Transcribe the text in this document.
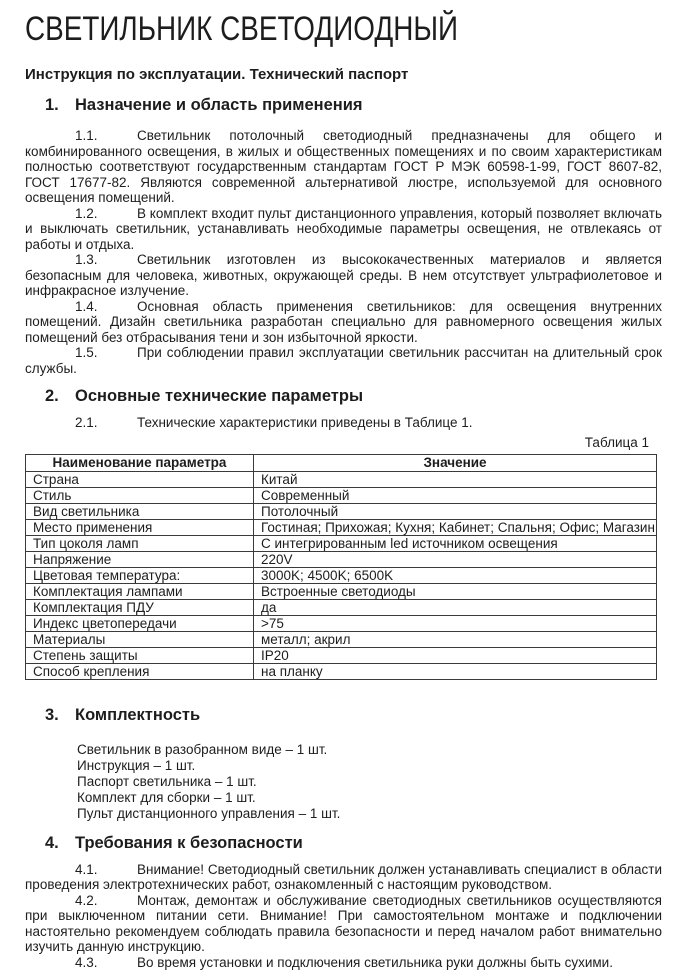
СВЕТИЛЬНИК СВЕТОДИОДНЫЙ
Инструкция по эксплуатации. Технический паспорт
1. Назначение и область применения

1.1.	Светильник потолочный светодиодный предназначены для общего и комбинированного освещения, в жилых и общественных помещениях и по своим характеристикам полностью соответствуют государственным стандартам ГОСТ Р МЭК 60598-1-99, ГОСТ 8607-82, ГОСТ 17677-82. Являются современной альтернативой люстре, используемой для основного освещения помещений.

1.2.	В комплект входит пульт дистанционного управления, который позволяет включать и выключать светильник, устанавливать необходимые параметры освещения, не отвлекаясь от работы и отдыха.

1.3.	Светильник изготовлен из высококачественных материалов и является безопасным для человека, животных, окружающей среды. В нем отсутствует ультрафиолетовое и инфракрасное излучение.

1.4.	Основная область применения светильников: для освещения внутренних помещений. Дизайн светильника разработан специально для равномерного освещения жилых помещений без отбрасывания тени и зон избыточной яркости.

1.5.	При соблюдении правил эксплуатации светильник рассчитан на длительный срок службы.

2. Основные технические параметры

2.1.	Технические характеристики приведены в Таблице 1.

Таблица 1
Наименование параметра	Значение
Страна	Китай
Стиль	Современный
Вид светильника	Потолочный
Место применения	Гостиная; Прихожая; Кухня; Кабинет; Спальня; Офис; Магазин
Тип цоколя ламп	С интегрированным led источником освещения
Напряжение	220V
Цветовая температура:	3000K; 4500K; 6500K
Комплектация лампами	Встроенные светодиоды
Комплектация ПДУ	да
Индекс цветопередачи	>75
Материалы	металл; акрил
Степень защиты	IP20
Способ крепления	на планку
3. Комплектность
Светильник в разобранном виде – 1 шт.
Инструкция – 1 шт.
Паспорт светильника – 1 шт.
Комплект для сборки – 1 шт.
Пульт дистанционного управления – 1 шт.
4. Требования к безопасности

4.1.	Внимание! Светодиодный светильник должен устанавливать специалист в области проведения электротехнических работ, ознакомленный с настоящим руководством.

4.2.	Монтаж, демонтаж и обслуживание светодиодных светильников осуществляются при выключенном питании сети. Внимание! При самостоятельном монтаже и подключении настоятельно рекомендуем соблюдать правила безопасности и перед началом работ внимательно изучить данную инструкцию.

4.3.	Во время установки и подключения светильника руки должны быть сухими.
